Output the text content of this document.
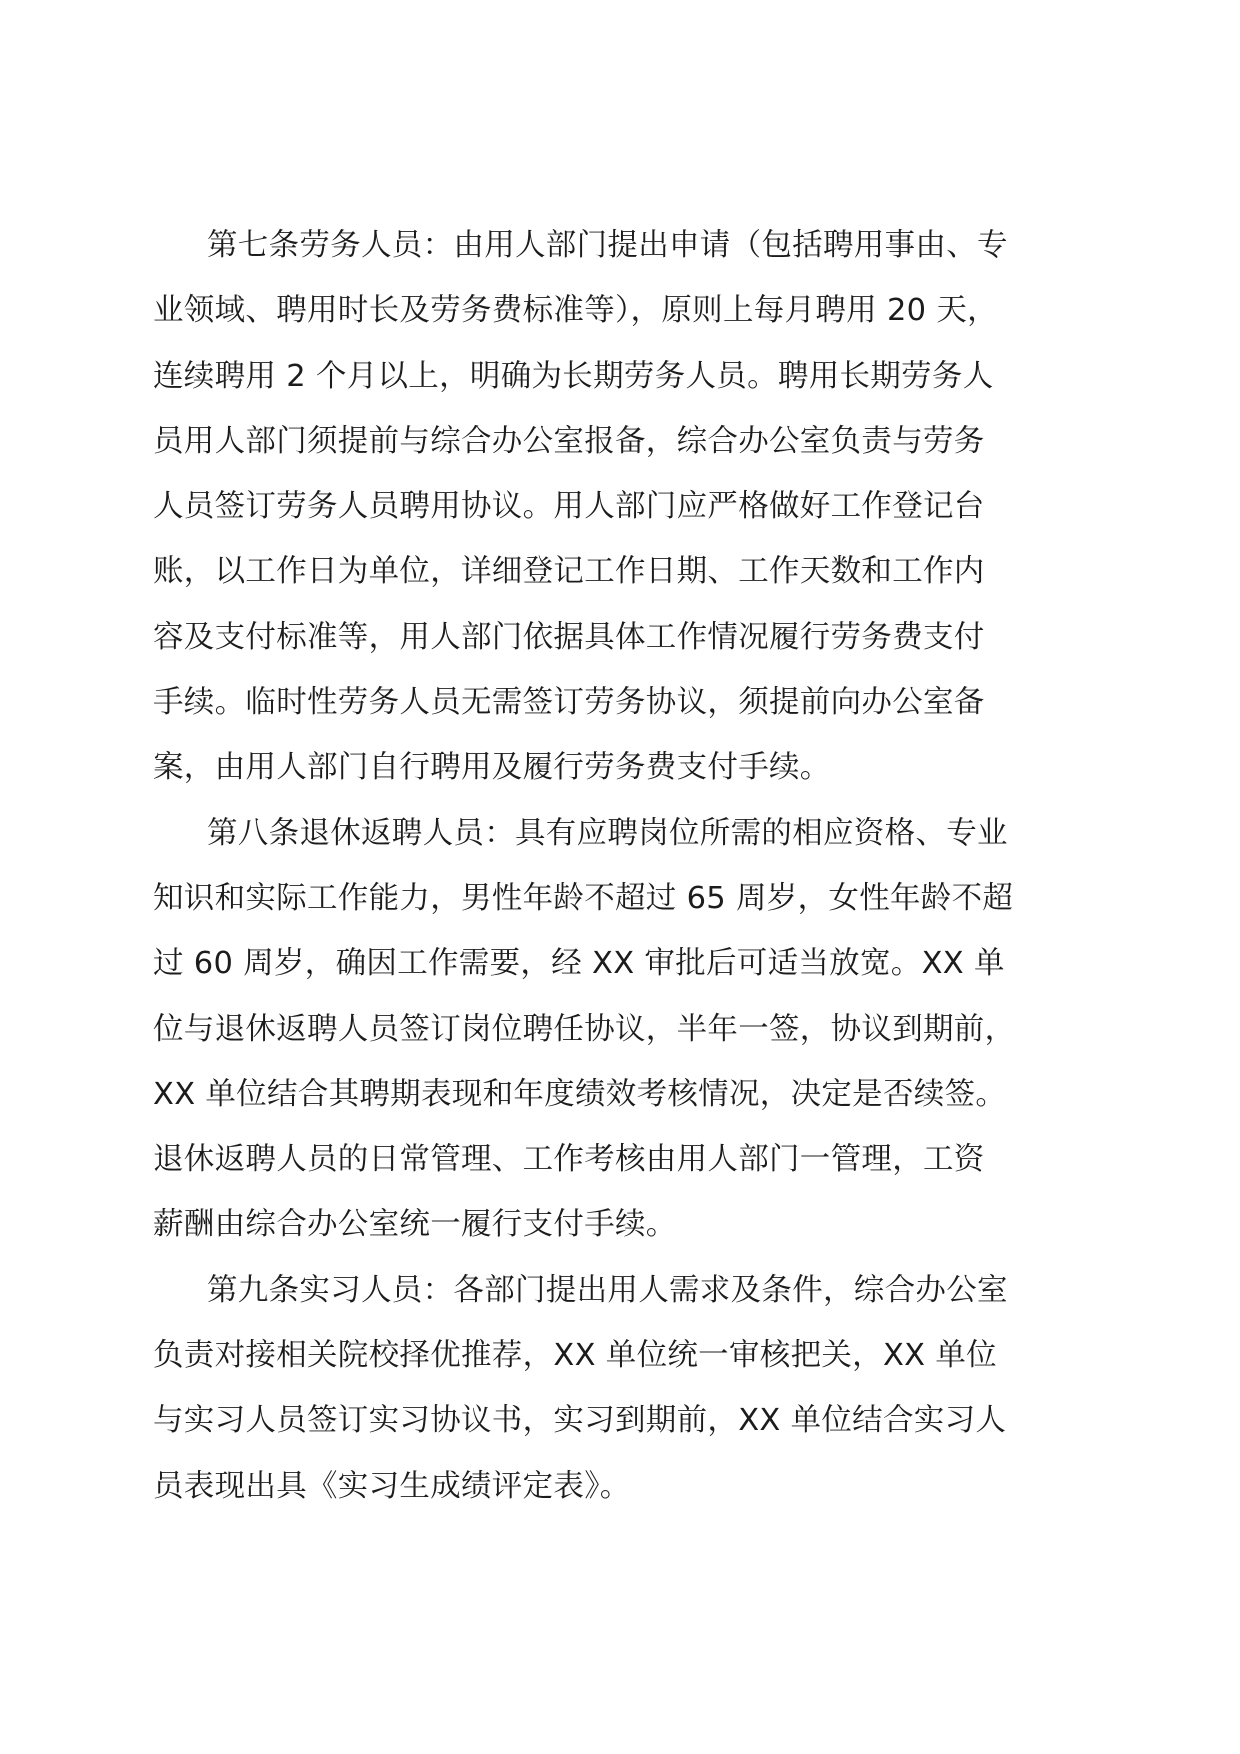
第七条劳务人员：由用人部门提出申请（包括聘用事由、专
业领域、聘用时长及劳务费标准等），原则上每月聘用 20 天，
连续聘用 2 个月以上，明确为长期劳务人员。聘用长期劳务人
员用人部门须提前与综合办公室报备，综合办公室负责与劳务
人员签订劳务人员聘用协议。用人部门应严格做好工作登记台
账，以工作日为单位，详细登记工作日期、工作天数和工作内
容及支付标准等，用人部门依据具体工作情况履行劳务费支付
手续。临时性劳务人员无需签订劳务协议，须提前向办公室备
案，由用人部门自行聘用及履行劳务费支付手续。
第八条退休返聘人员：具有应聘岗位所需的相应资格、专业
知识和实际工作能力，男性年龄不超过 65 周岁，女性年龄不超
过 60 周岁，确因工作需要，经 XX 审批后可适当放宽。XX 单
位与退休返聘人员签订岗位聘任协议，半年一签，协议到期前，
XX 单位结合其聘期表现和年度绩效考核情况，决定是否续签。
退休返聘人员的日常管理、工作考核由用人部门一管理，工资
薪酬由综合办公室统一履行支付手续。
第九条实习人员：各部门提出用人需求及条件，综合办公室
负责对接相关院校择优推荐，XX 单位统一审核把关，XX 单位
与实习人员签订实习协议书，实习到期前，XX 单位结合实习人
员表现出具《实习生成绩评定表》。
